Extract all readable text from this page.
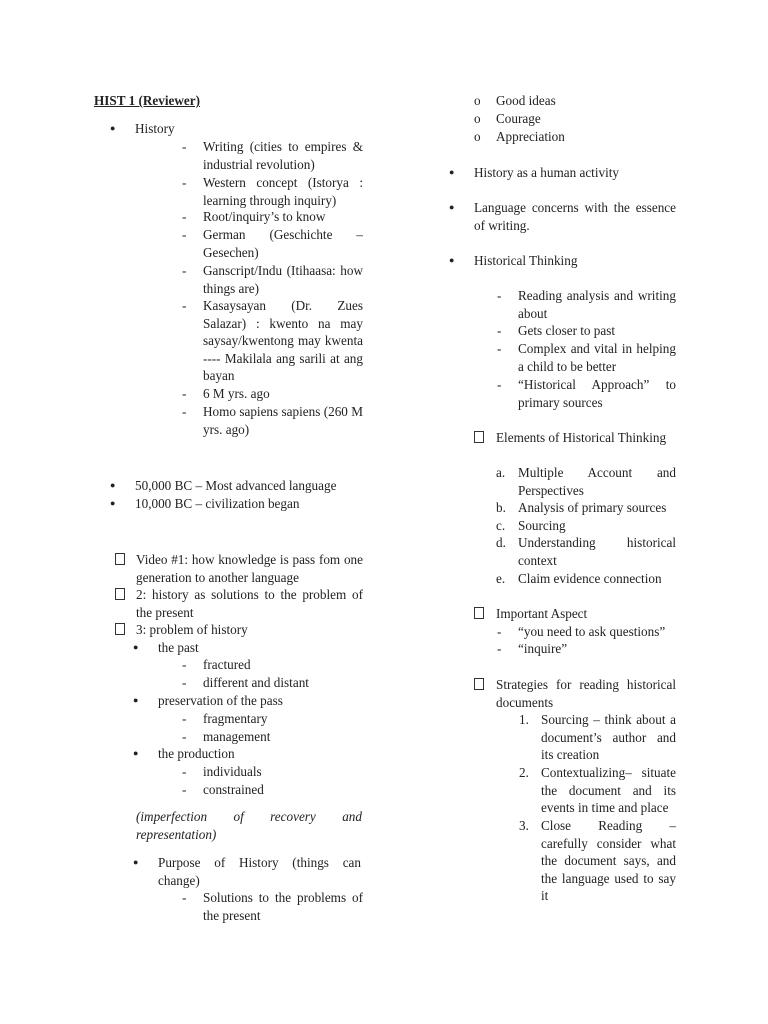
HIST 1 (Reviewer)
● History
- Writing (cities to empires & industrial revolution)
- Western concept (Istorya : learning through inquiry)
- Root/inquiry’s to know
- German (Geschichte – Gesechen)
- Ganscript/Indu (Itihaasa: how things are)
- Kasaysayan (Dr. Zues Salazar) : kwento na may saysay/kwentong may kwenta ---- Makilala ang sarili at ang bayan
- 6 M yrs. ago
- Homo sapiens sapiens (260 M yrs. ago)
● 50,000 BC – Most advanced language
● 10,000 BC – civilization began
Video #1: how knowledge is pass fom one generation to another language
2: history as solutions to the problem of the present
3: problem of history
● the past
- fractured
- different and distant
● preservation of the pass
- fragmentary
- management
● the production
- individuals
- constrained
(imperfection of recovery and representation)
● Purpose of History (things can change)
- Solutions to the problems of the present
o Good ideas
o Courage
o Appreciation
● History as a human activity
● Language concerns with the essence of writing.
● Historical Thinking
- Reading analysis and writing about
- Gets closer to past
- Complex and vital in helping a child to be better
- “Historical Approach” to primary sources
Elements of Historical Thinking
a. Multiple Account and Perspectives
b. Analysis of primary sources
c. Sourcing
d. Understanding historical context
e. Claim evidence connection
Important Aspect
- “you need to ask questions”
- “inquire”
Strategies for reading historical documents
1. Sourcing – think about a document’s author and its creation
2. Contextualizing– situate the document and its events in time and place
3. Close Reading – carefully consider what the document says, and the language used to say it
